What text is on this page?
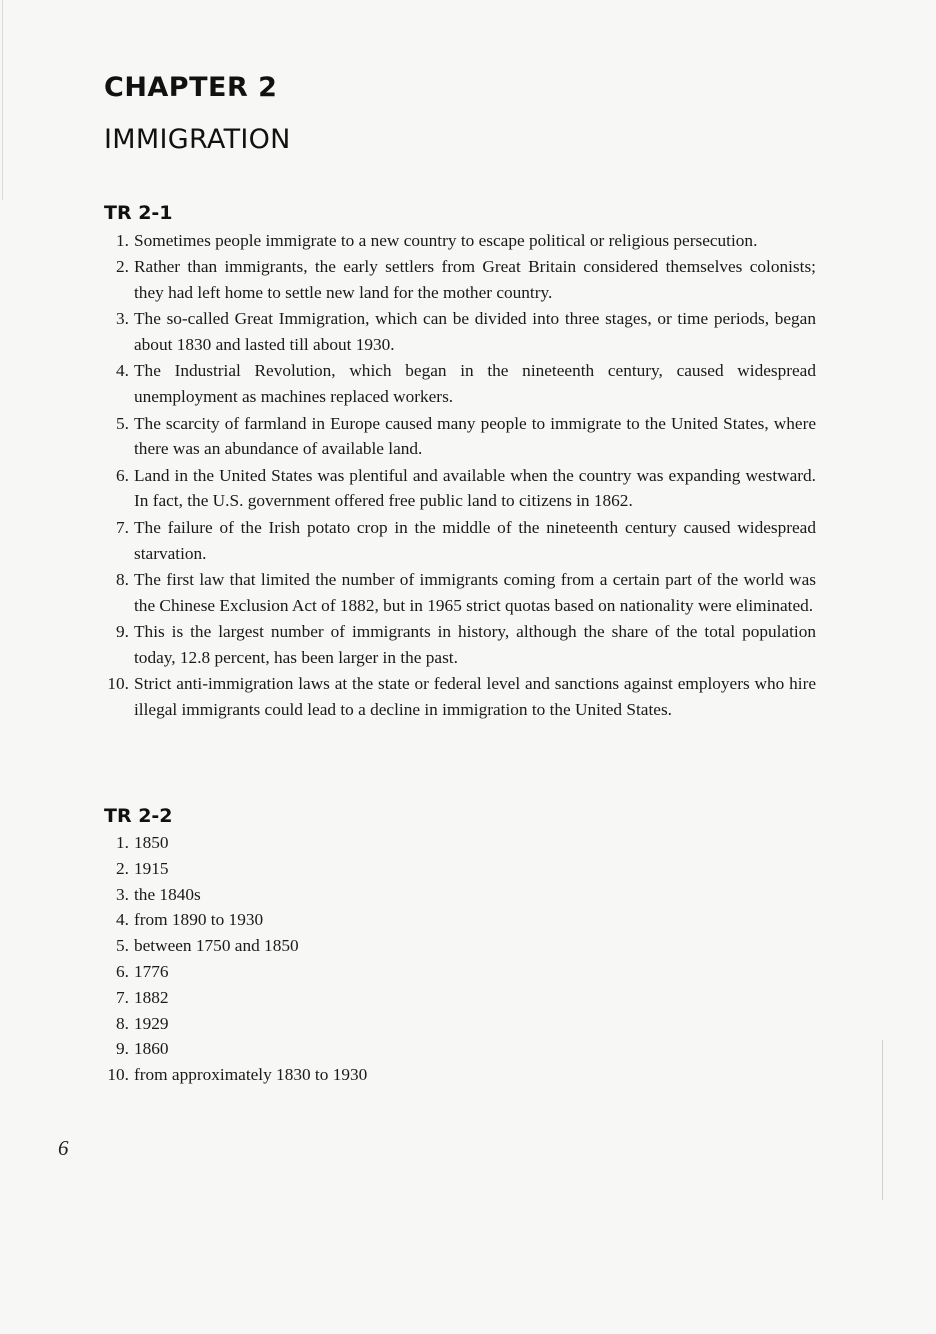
CHAPTER 2
IMMIGRATION
TR 2-1
1. Sometimes people immigrate to a new country to escape political or religious persecution.
2. Rather than immigrants, the early settlers from Great Britain considered themselves colonists; they had left home to settle new land for the mother country.
3. The so-called Great Immigration, which can be divided into three stages, or time periods, began about 1830 and lasted till about 1930.
4. The Industrial Revolution, which began in the nineteenth century, caused widespread unemployment as machines replaced workers.
5. The scarcity of farmland in Europe caused many people to immigrate to the United States, where there was an abundance of available land.
6. Land in the United States was plentiful and available when the country was expanding westward. In fact, the U.S. government offered free public land to citizens in 1862.
7. The failure of the Irish potato crop in the middle of the nineteenth century caused widespread starvation.
8. The first law that limited the number of immigrants coming from a certain part of the world was the Chinese Exclusion Act of 1882, but in 1965 strict quotas based on nationality were eliminated.
9. This is the largest number of immigrants in history, although the share of the total population today, 12.8 percent, has been larger in the past.
10. Strict anti-immigration laws at the state or federal level and sanctions against employers who hire illegal immigrants could lead to a decline in immigration to the United States.
TR 2-2
1. 1850
2. 1915
3. the 1840s
4. from 1890 to 1930
5. between 1750 and 1850
6. 1776
7. 1882
8. 1929
9. 1860
10. from approximately 1830 to 1930
6
